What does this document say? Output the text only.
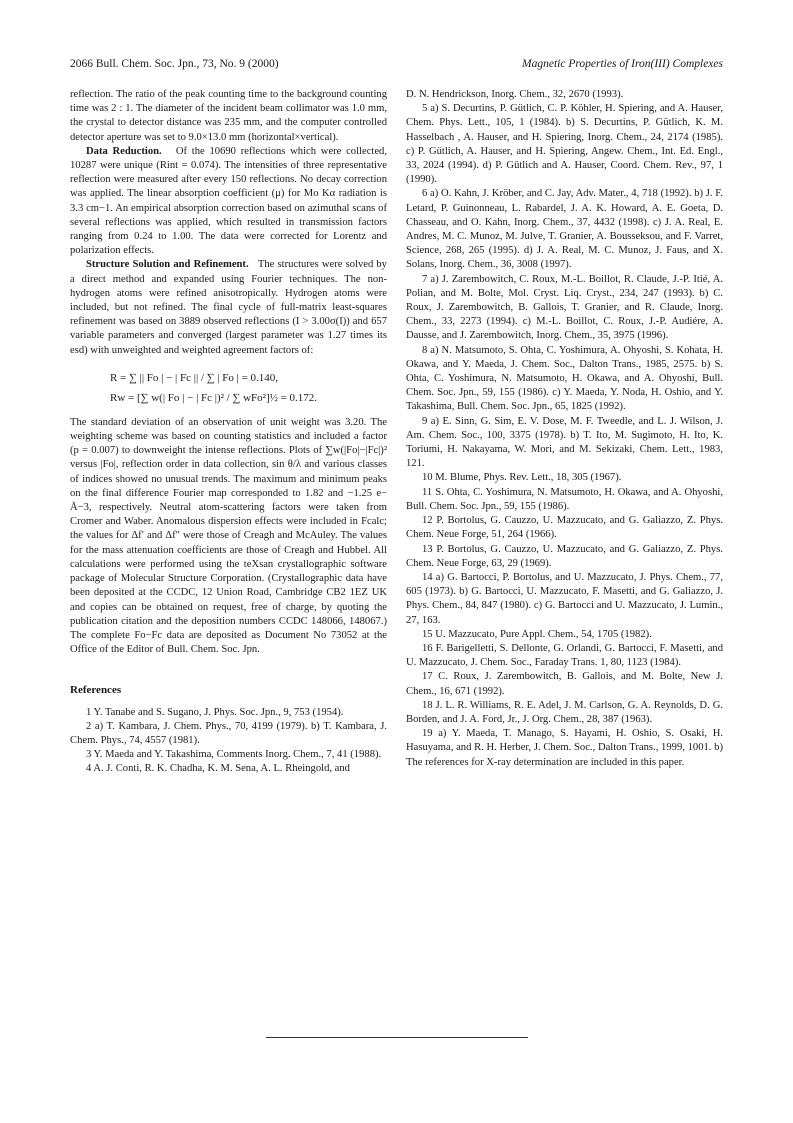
2066 Bull. Chem. Soc. Jpn., 73, No. 9 (2000)	Magnetic Properties of Iron(III) Complexes

reflection. The ratio of the peak counting time to the background counting time was 2 : 1. The diameter of the incident beam collimator was 1.0 mm, the crystal to detector distance was 235 mm, and the computer controlled detector aperture was set to 9.0×13.0 mm (horizontal×vertical).

Data Reduction. Of the 10690 reflections which were collected, 10287 were unique (Rint = 0.074). The intensities of three representative reflection were measured after every 150 reflections. No decay correction was applied. The linear absorption coefficient (μ) for Mo Kα radiation is 3.3 cm−1. An empirical absorption correction based on azimuthal scans of several reflections was applied, which resulted in transmission factors ranging from 0.24 to 1.00. The data were corrected for Lorentz and polarization effects.

Structure Solution and Refinement. The structures were solved by a direct method and expanded using Fourier techniques. The non-hydrogen atoms were refined anisotropically. Hydrogen atoms were included, but not refined. The final cycle of full-matrix least-squares refinement was based on 3889 observed reflections (I > 3.00σ(I)) and 657 variable parameters and converged (largest parameter was 1.27 times its esd) with unweighted and weighted agreement factors of:

R = ∑ || Fo | − | Fc || / ∑ | Fo | = 0.140,
Rw = [∑ w(| Fo | − | Fc |)² / ∑ wFo²]½ = 0.172.

The standard deviation of an observation of unit weight was 3.20. The weighting scheme was based on counting statistics and included a factor (p = 0.007) to downweight the intense reflections. Plots of ∑w(|Fo|−|Fc|)² versus |Fo|, reflection order in data collection, sin θ/λ and various classes of indices showed no unusual trends. The maximum and minimum peaks on the final difference Fourier map corresponded to 1.82 and −1.25 e− Å−3, respectively. Neutral atom-scattering factors were taken from Cromer and Waber. Anomalous dispersion effects were included in Fcalc; the values for Δf′ and Δf″ were those of Creagh and McAuley. The values for the mass attenuation coefficients are those of Creagh and Hubbel. All calculations were performed using the teXsan crystallographic software package of Molecular Structure Corporation. (Crystallographic data have been deposited at the CCDC, 12 Union Road, Cambridge CB2 1EZ UK and copies can be obtained on request, free of charge, by quoting the publication citation and the deposition numbers CCDC 148066, 148067.) The complete Fo−Fc data are deposited as Document No 73052 at the Office of the Editor of Bull. Chem. Soc. Jpn.

References

1 Y. Tanabe and S. Sugano, J. Phys. Soc. Jpn., 9, 753 (1954).

2 a) T. Kambara, J. Chem. Phys., 70, 4199 (1979). b) T. Kambara, J. Chem. Phys., 74, 4557 (1981).

3 Y. Maeda and Y. Takashima, Comments Inorg. Chem., 7, 41 (1988).

4 A. J. Conti, R. K. Chadha, K. M. Sena, A. L. Rheingold, and

D. N. Hendrickson, Inorg. Chem., 32, 2670 (1993).

5 a) S. Decurtins, P. Gütlich, C. P. Köhler, H. Spiering, and A. Hauser, Chem. Phys. Lett., 105, 1 (1984). b) S. Decurtins, P. Gütlich, K. M. Hasselbach , A. Hauser, and H. Spiering, Inorg. Chem., 24, 2174 (1985). c) P. Gütlich, A. Hauser, and H. Spiering, Angew. Chem., Int. Ed. Engl., 33, 2024 (1994). d) P. Gütlich and A. Hauser, Coord. Chem. Rev., 97, 1 (1990).

6 a) O. Kahn, J. Kröber, and C. Jay, Adv. Mater., 4, 718 (1992). b) J. F. Letard, P. Guinonneau, L. Rabardel, J. A. K. Howard, A. E. Goeta, D. Chasseau, and O. Kahn, Inorg. Chem., 37, 4432 (1998). c) J. A. Real, E. Andres, M. C. Munoz, M. Julve, T. Granier, A. Bousseksou, and F. Varret, Science, 268, 265 (1995). d) J. A. Real, M. C. Munoz, J. Faus, and X. Solans, Inorg. Chem., 36, 3008 (1997).

7 a) J. Zarembowitch, C. Roux, M.-L. Boillot, R. Claude, J.-P. Itié, A. Polian, and M. Bolte, Mol. Cryst. Liq. Cryst., 234, 247 (1993). b) C. Roux, J. Zarembowitch, B. Gallois, T. Granier, and R. Claude, Inorg. Chem., 33, 2273 (1994). c) M.-L. Boillot, C. Roux, J.-P. Audiére, A. Dausse, and J. Zarembowitch, Inorg. Chem., 35, 3975 (1996).

8 a) N. Matsumoto, S. Ohta, C. Yoshimura, A. Ohyoshi, S. Kohata, H. Okawa, and Y. Maeda, J. Chem. Soc., Dalton Trans., 1985, 2575. b) S. Ohta, C. Yoshimura, N. Matsumoto, H. Okawa, and A. Ohyoshi, Bull. Chem. Soc. Jpn., 59, 155 (1986). c) Y. Maeda, Y. Noda, H. Oshio, and Y. Takashima, Bull. Chem. Soc. Jpn., 65, 1825 (1992).

9 a) E. Sinn, G. Sim, E. V. Dose, M. F. Tweedle, and L. J. Wilson, J. Am. Chem. Soc., 100, 3375 (1978). b) T. Ito, M. Sugimoto, H. Ito, K. Toriumi, H. Nakayama, W. Mori, and M. Sekizaki, Chem. Lett., 1983, 121.

10 M. Blume, Phys. Rev. Lett., 18, 305 (1967).

11 S. Ohta, C. Yoshimura, N. Matsumoto, H. Okawa, and A. Ohyoshi, Bull. Chem. Soc. Jpn., 59, 155 (1986).

12 P. Bortolus, G. Cauzzo, U. Mazzucato, and G. Galiazzo, Z. Phys. Chem. Neue Forge, 51, 264 (1966).

13 P. Bortolus, G. Cauzzo, U. Mazzucato, and G. Galiazzo, Z. Phys. Chem. Neue Forge, 63, 29 (1969).

14 a) G. Bartocci, P. Bortolus, and U. Mazzucato, J. Phys. Chem., 77, 605 (1973). b) G. Bartocci, U. Mazzucato, F. Masetti, and G. Galiazzo, J. Phys. Chem., 84, 847 (1980). c) G. Bartocci and U. Mazzucato, J. Lumin., 27, 163.

15 U. Mazzucato, Pure Appl. Chem., 54, 1705 (1982).

16 F. Barigelletti, S. Dellonte, G. Orlandi, G. Bartocci, F. Masetti, and U. Mazzucato, J. Chem. Soc., Faraday Trans. 1, 80, 1123 (1984).

17 C. Roux, J. Zarembowitch, B. Gallois, and M. Bolte, New J. Chem., 16, 671 (1992).

18 J. L. R. Williams, R. E. Adel, J. M. Carlson, G. A. Reynolds, D. G. Borden, and J. A. Ford, Jr., J. Org. Chem., 28, 387 (1963).

19 a) Y. Maeda, T. Manago, S. Hayami, H. Oshio, S. Osaki, H. Hasuyama, and R. H. Herber, J. Chem. Soc., Dalton Trans., 1999, 1001. b) The references for X-ray determination are included in this paper.
